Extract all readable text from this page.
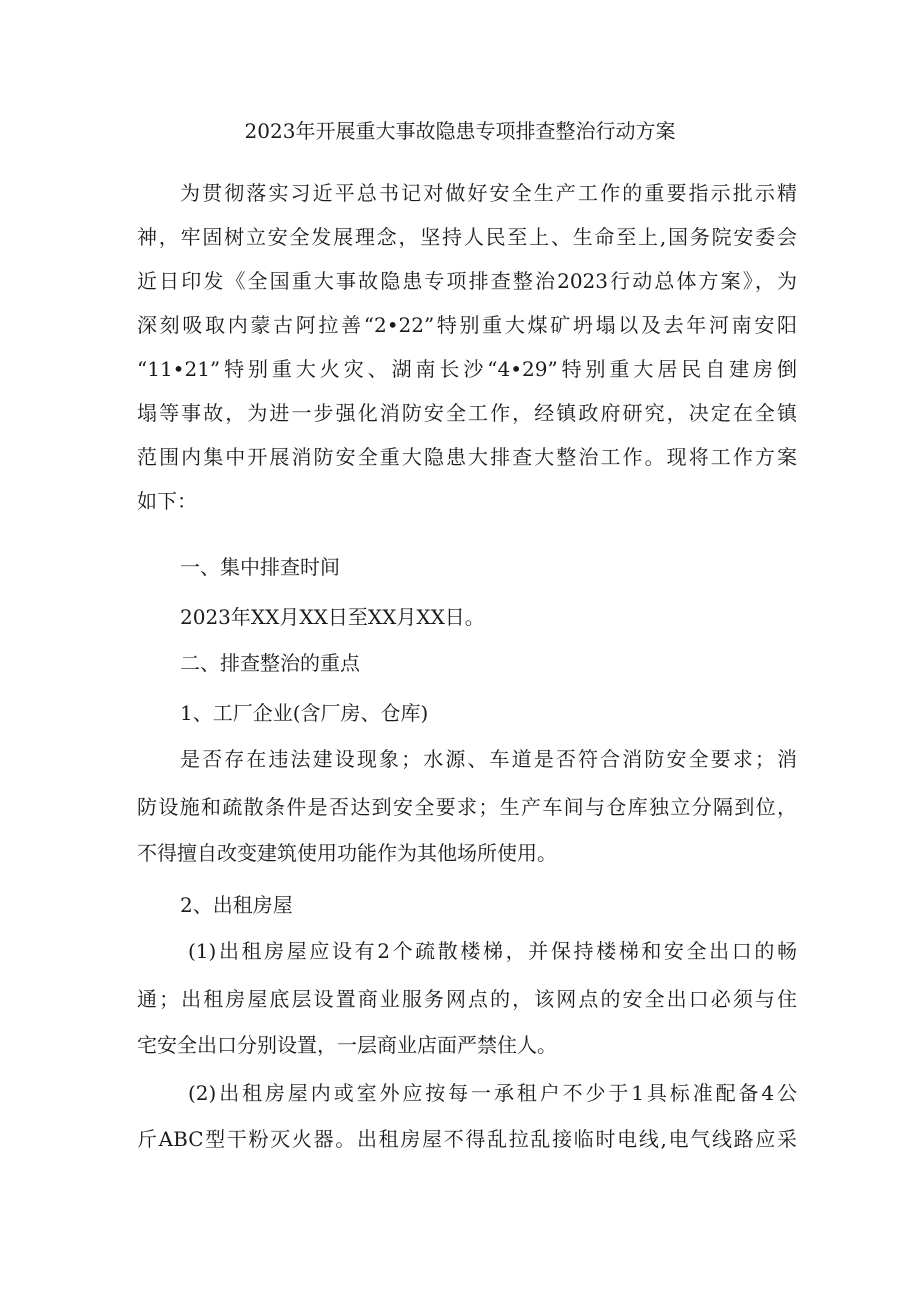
2023年开展重大事故隐患专项排查整治行动方案

为贯彻落实习近平总书记对做好安全生产工作的重要指示批示精

神，牢固树立安全发展理念，坚持人民至上、生命至上,国务院安委会

近日印发《全国重大事故隐患专项排查整治2023行动总体方案》，为

深刻吸取内蒙古阿拉善“2•22”特别重大煤矿坍塌以及去年河南安阳

“11•21”特别重大火灾、湖南长沙“4•29”特别重大居民自建房倒

塌等事故，为进一步强化消防安全工作，经镇政府研究，决定在全镇

范围内集中开展消防安全重大隐患大排查大整治工作。现将工作方案

如下：

一、集中排查时间

2023年XX月XX日至XX月XX日。

二、排查整治的重点

1、工厂企业(含厂房、仓库)

是否存在违法建设现象；水源、车道是否符合消防安全要求；消

防设施和疏散条件是否达到安全要求；生产车间与仓库独立分隔到位，

不得擅自改变建筑使用功能作为其他场所使用。

2、出租房屋

(1)出租房屋应设有2个疏散楼梯，并保持楼梯和安全出口的畅

通；出租房屋底层设置商业服务网点的，该网点的安全出口必须与住

宅安全出口分别设置，一层商业店面严禁住人。

(2)出租房屋内或室外应按每一承租户不少于1具标准配备4公

斤ABC型干粉灭火器。出租房屋不得乱拉乱接临时电线,电气线路应采
